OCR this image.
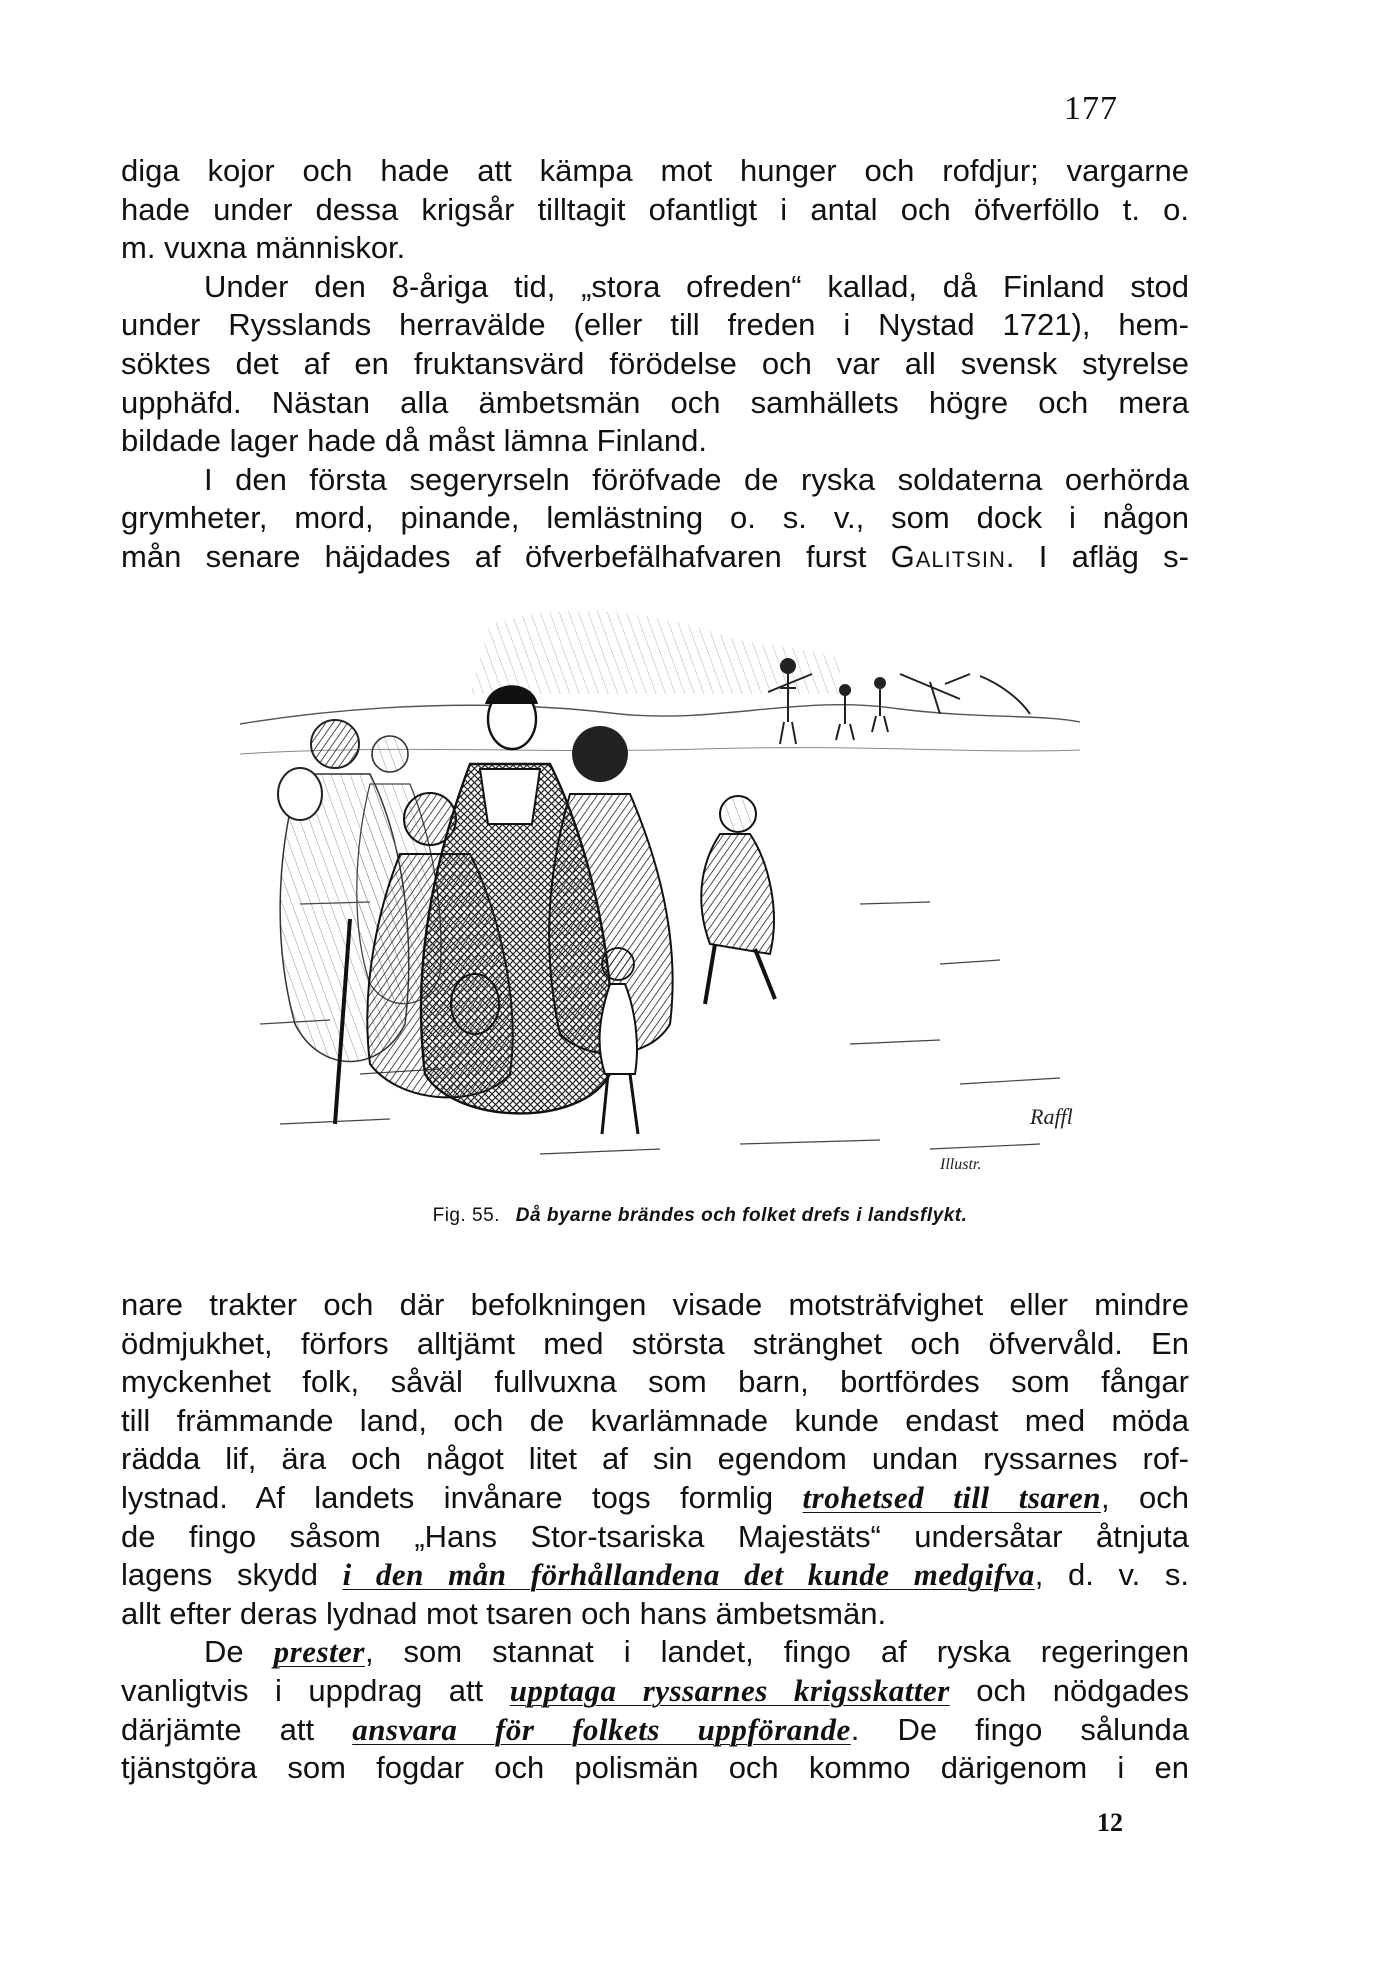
177
diga kojor och hade att kämpa mot hunger och rofdjur; vargarne
hade under dessa krigsår tilltagit ofantligt i antal och öfverföllo t. o.
m. vuxna människor.
Under den 8-åriga tid, „stora ofreden“ kallad, då Finland stod
under Rysslands herravälde (eller till freden i Nystad 1721), hem-
söktes det af en fruktansvärd förödelse och var all svensk styrelse
upphäfd. Nästan alla ämbetsmän och samhällets högre och mera
bildade lager hade då måst lämna Finland.
I den första segeryrseln föröfvade de ryska soldaterna oerhörda
grymheter, mord, pinande, lemlästning o. s. v., som dock i någon
mån senare häjdades af öfverbefälhafvaren furst Galitsin. I afläg s-
Raffl
Illustr.
Fig. 55. Då byarne brändes och folket drefs i landsflykt.
nare trakter och där befolkningen visade motsträfvighet eller mindre
ödmjukhet, förfors alltjämt med största stränghet och öfvervåld. En
myckenhet folk, såväl fullvuxna som barn, bortfördes som fångar
till främmande land, och de kvarlämnade kunde endast med möda
rädda lif, ära och något litet af sin egendom undan ryssarnes rof-
lystnad. Af landets invånare togs formlig trohetsed till tsaren, och
de fingo såsom „Hans Stor-tsariska Majestäts“ undersåtar åtnjuta
lagens skydd i den mån förhållandena det kunde medgifva, d. v. s.
allt efter deras lydnad mot tsaren och hans ämbetsmän.
De prester, som stannat i landet, fingo af ryska regeringen
vanligtvis i uppdrag att upptaga ryssarnes krigsskatter och nödgades
därjämte att ansvara för folkets uppförande. De fingo sålunda
tjänstgöra som fogdar och polismän och kommo därigenom i en
12
